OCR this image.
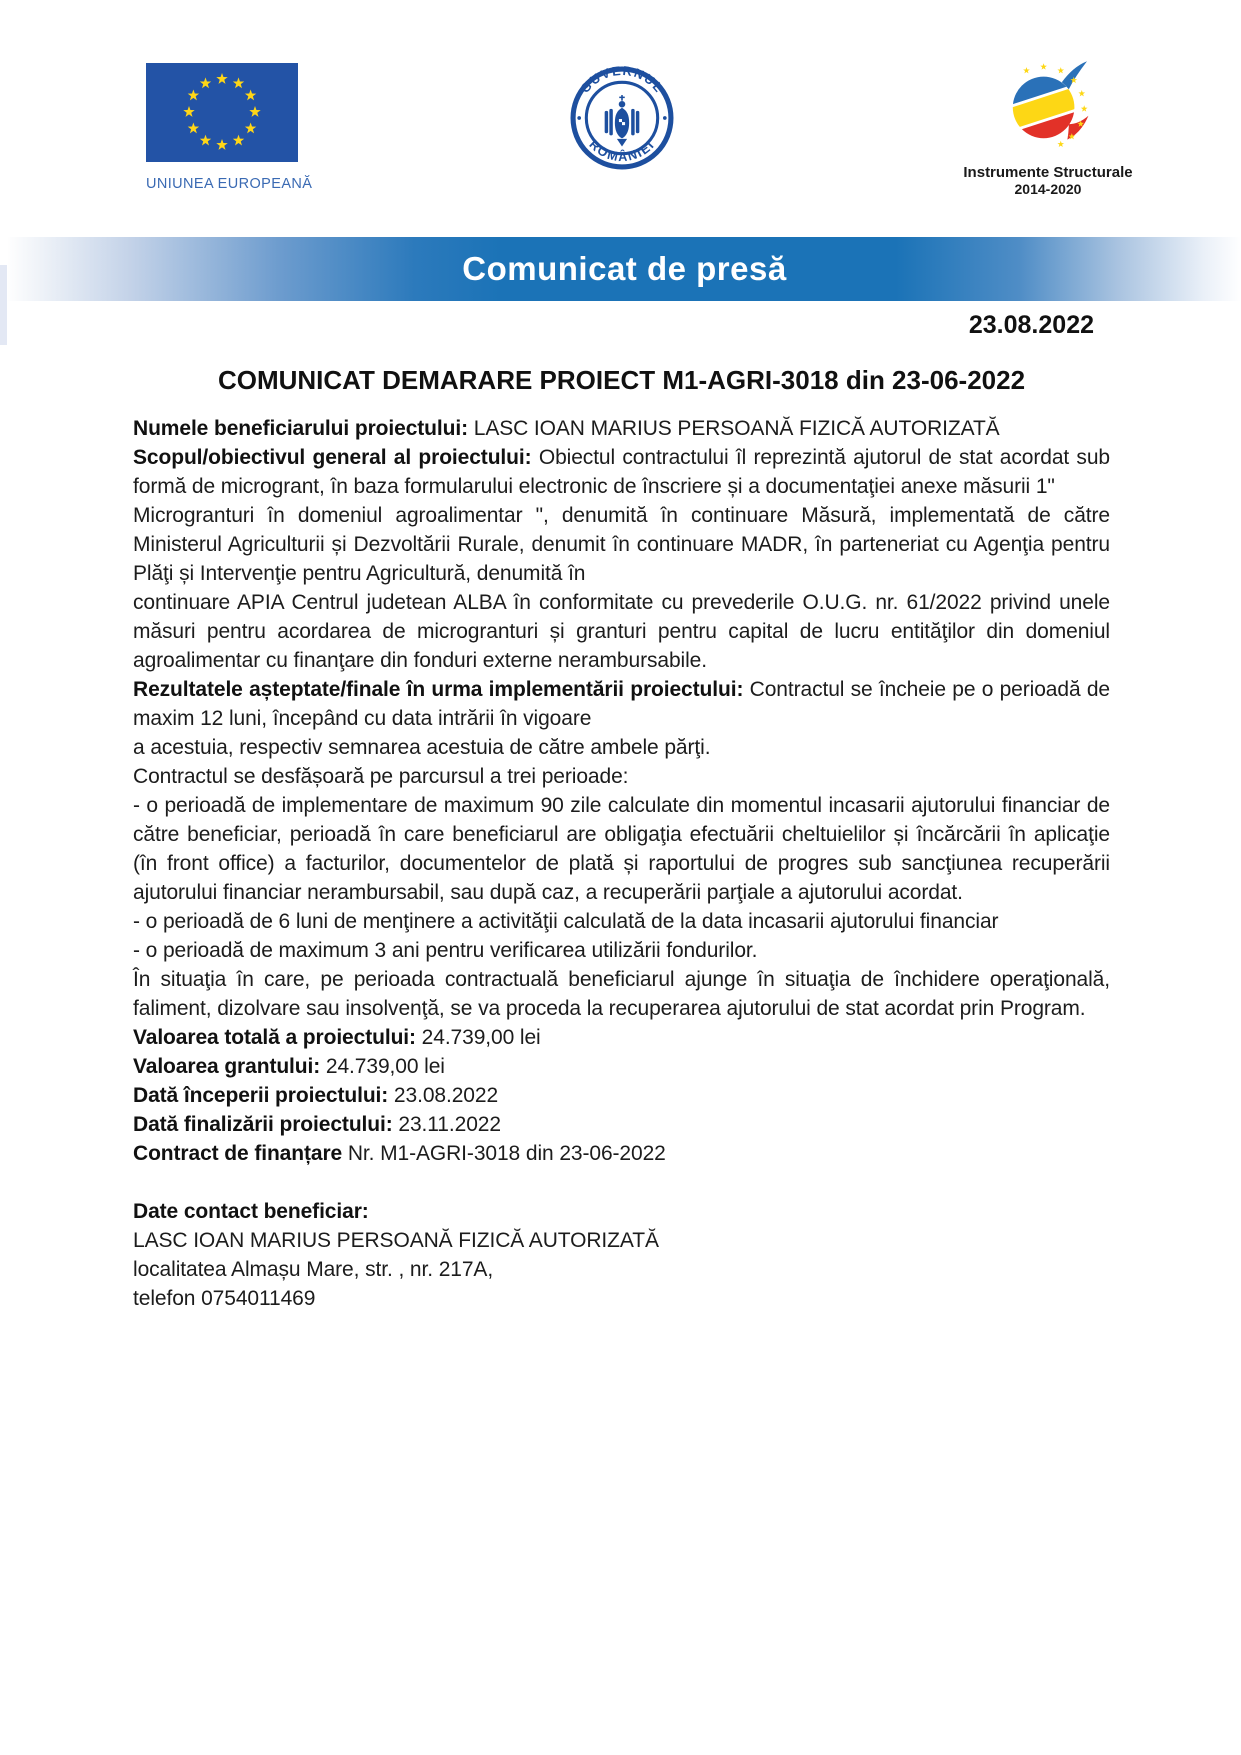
UNIUNEA EUROPEANĂ
GUVERNUL
ROMÂNIEI
Instrumente Structurale
2014-2020
Comunicat de presă
23.08.2022
COMUNICAT DEMARARE PROIECT M1-AGRI-3018 din 23-06-2022

Numele beneficiarului proiectului: LASC IOAN MARIUS PERSOANĂ FIZICĂ AUTORIZATĂ

Scopul/obiectivul general al proiectului: Obiectul contractului îl reprezintă ajutorul de stat acordat sub formă de microgrant, în baza formularului electronic de înscriere și a documentaţiei anexe măsurii 1"

Microgranturi în domeniul agroalimentar ", denumită în continuare Măsură, implementată de către Ministerul Agriculturii și Dezvoltării Rurale, denumit în continuare MADR, în parteneriat cu Agenţia pentru Plăţi și Intervenţie pentru Agricultură, denumită în

continuare APIA Centrul judetean ALBA în conformitate cu prevederile O.U.G. nr. 61/2022 privind unele măsuri pentru acordarea de microgranturi și granturi pentru capital de lucru entităţilor din domeniul agroalimentar cu finanţare din fonduri externe nerambursabile.

Rezultatele așteptate/finale în urma implementării proiectului: Contractul se încheie pe o perioadă de maxim 12 luni, începând cu data intrării în vigoare

a acestuia, respectiv semnarea acestuia de către ambele părţi.

Contractul se desfășoară pe parcursul a trei perioade:

- o perioadă de implementare de maximum 90 zile calculate din momentul incasarii ajutorului financiar de către beneficiar, perioadă în care beneficiarul are obligaţia efectuării cheltuielilor și încărcării în aplicaţie (în front office) a facturilor, documentelor de plată și raportului de progres sub sancţiunea recuperării ajutorului financiar nerambursabil, sau după caz, a recuperării parţiale a ajutorului acordat.

- o perioadă de 6 luni de menţinere a activităţii calculată de la data incasarii ajutorului financiar

- o perioadă de maximum 3 ani pentru verificarea utilizării fondurilor.

În situaţia în care, pe perioada contractuală beneficiarul ajunge în situaţia de închidere operaţională, faliment, dizolvare sau insolvenţă, se va proceda la recuperarea ajutorului de stat acordat prin Program.

Valoarea totală a proiectului: 24.739,00 lei

Valoarea grantului: 24.739,00 lei

Dată începerii proiectului: 23.08.2022

Dată finalizării proiectului: 23.11.2022

Contract de finanțare Nr. M1-AGRI-3018 din 23-06-2022

Date contact beneficiar:

LASC IOAN MARIUS PERSOANĂ FIZICĂ AUTORIZATĂ

localitatea Almașu Mare, str. , nr. 217A,

telefon 0754011469
